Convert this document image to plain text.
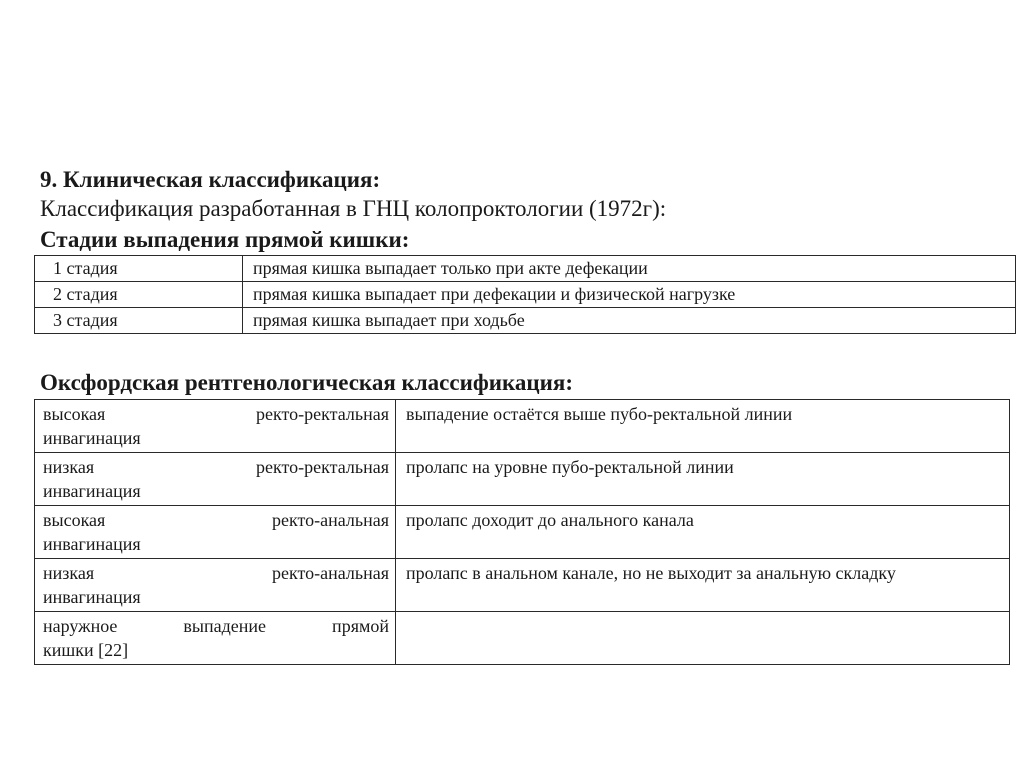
9. Клиническая классификация:
Классификация разработанная в ГНЦ колопроктологии (1972г):
Стадии выпадения прямой кишки:
1 стадия	прямая кишка выпадает только при акте дефекации
2 стадия	прямая кишка выпадает при дефекации и физической нагрузке
3 стадия	прямая кишка выпадает при ходьбе
Оксфордская рентгенологическая классификация:
высокая ректо-ректальная
инвагинация	выпадение остаётся выше пубо-ректальной линии

низкая ректо-ректальная
инвагинация	пролапс на уровне пубо-ректальной линии

высокая ректо-анальная
инвагинация	пролапс доходит до анального канала

низкая ректо-анальная
инвагинация	пролапс в анальном канале, но не выходит за анальную складку

наружное выпадение прямой
кишки [22]	
